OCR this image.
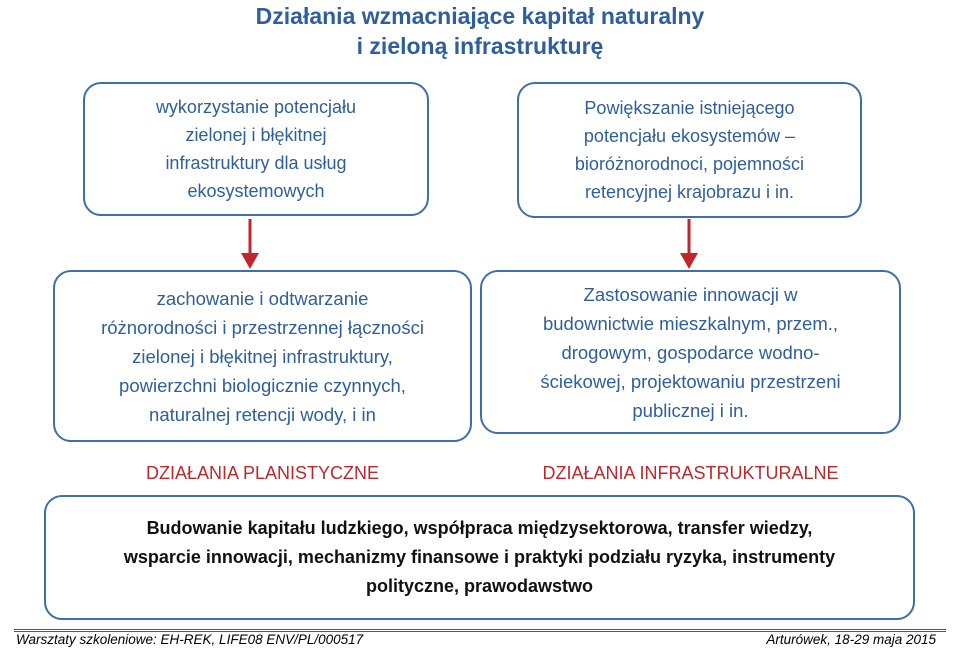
Działania wzmacniające kapitał naturalny
i zieloną infrastrukturę
wykorzystanie potencjału
zielonej i błękitnej
infrastruktury dla usług
ekosystemowych
Powiększanie istniejącego
potencjału ekosystemów –
bioróżnorodnoci, pojemności
retencyjnej krajobrazu i in.
zachowanie i odtwarzanie
różnorodności i przestrzennej łączności
zielonej i błękitnej infrastruktury,
powierzchni biologicznie czynnych,
naturalnej retencji wody, i in
Zastosowanie innowacji w
budownictwie mieszkalnym, przem.,
drogowym, gospodarce wodno-
ściekowej, projektowaniu przestrzeni
publicznej i in.
DZIAŁANIA PLANISTYCZNE	DZIAŁANIA INFRASTRUKTURALNE
Budowanie kapitału ludzkiego, współpraca międzysektorowa, transfer wiedzy,
wsparcie innowacji, mechanizmy finansowe i praktyki podziału ryzyka, instrumenty
polityczne, prawodawstwo
Warsztaty szkoleniowe: EH-REK, LIFE08 ENV/PL/000517	Arturówek, 18-29 maja 2015
